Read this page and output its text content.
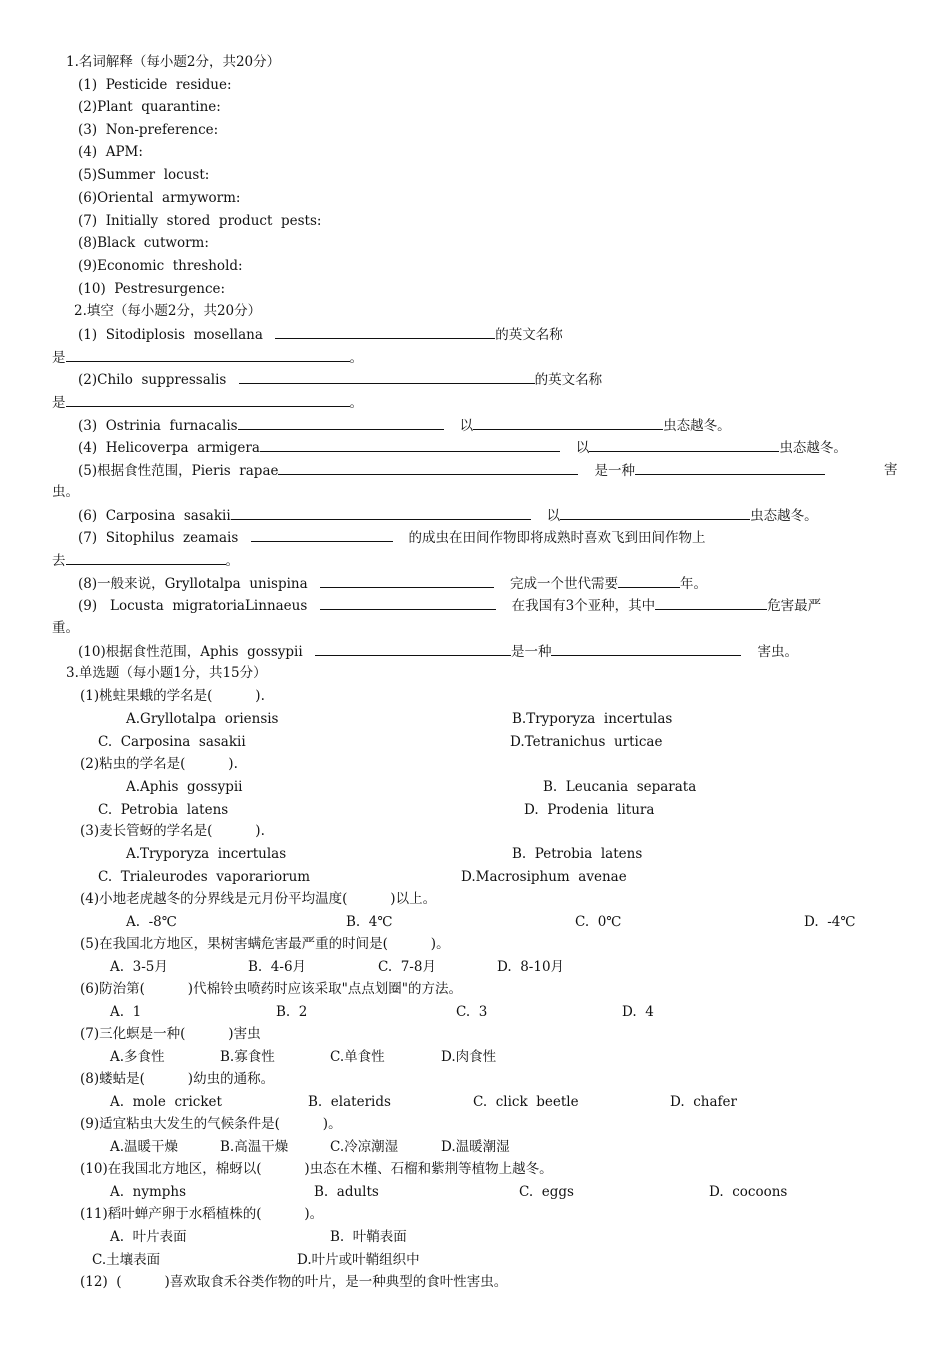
1.名词解释（每小题2分，共20分）
(1)  Pesticide  residue:
(2)Plant  quarantine:
(3)  Non-preference:
(4)  APM:
(5)Summer  locust:
(6)Oriental  armyworm:
(7)  Initially  stored  product  pests:
(8)Black  cutworm:
(9)Economic  threshold:
(10)  Pestresurgence:
2.填空（每小题2分，共20分）
(1)  Sitodiplosis  mosellana	的英文名称
是	。
(2)Chilo  suppressalis	的英文名称
是	。
(3)  Ostrinia  furnacalis	以	虫态越冬。
(4)  Helicoverpa  armigera	以	虫态越冬。
(5)根据食性范围，Pieris  rapae	是一种	害
虫。
(6)  Carposina  sasakii	以	虫态越冬。
(7)  Sitophilus  zeamais	的成虫在田间作物即将成熟时喜欢飞到田间作物上
去	。
(8)一般来说，Gryllotalpa  unispina	完成一个世代需要	年。
(9)   Locusta  migratoriaLinnaeus	在我国有3个亚种，其中	危害最严
重。
(10)根据食性范围，Aphis  gossypii	是一种	害虫。
3.单选题（每小题1分，共15分）
(1)桃蛀果蛾的学名是(          ).
A.Gryllotalpa  oriensis	B.Tryporyza  incertulas
C.  Carposina  sasakii	D.Tetranichus  urticae
(2)粘虫的学名是(          ).
A.Aphis  gossypii	B.  Leucania  separata
C.  Petrobia  latens	D.  Prodenia  litura
(3)麦长管蚜的学名是(          ).
A.Tryporyza  incertulas	B.  Petrobia  latens
C.  Trialeurodes  vaporariorum	D.Macrosiphum  avenae
(4)小地老虎越冬的分界线是元月份平均温度(          )以上。
A.  -8℃	B.  4℃	C.  0℃	D.  -4℃
(5)在我国北方地区，果树害螨危害最严重的时间是(          )。
A.  3-5月	B.  4-6月	C.  7-8月	D.  8-10月
(6)防治第(          )代棉铃虫喷药时应该采取"点点划圈"的方法。
A.  1	B.  2	C.  3	D.  4
(7)三化螟是一种(          )害虫
A.多食性	B.寡食性	C.单食性	D.肉食性
(8)蝼蛄是(          )幼虫的通称。
A.  mole  cricket	B.  elaterids	C.  click  beetle	D.  chafer
(9)适宜粘虫大发生的气候条件是(          )。
A.温暖干燥	B.高温干燥	C.冷凉潮湿	D.温暖潮湿
(10)在我国北方地区，棉蚜以(          )虫态在木槿、石榴和紫荆等植物上越冬。
A.  nymphs	B.  adults	C.  eggs	D.  cocoons
(11)稻叶蝉产卵于水稻植株的(          )。
A.  叶片表面	B.  叶鞘表面
C.土壤表面	D.叶片或叶鞘组织中
(12)  (          )喜欢取食禾谷类作物的叶片，是一种典型的食叶性害虫。
